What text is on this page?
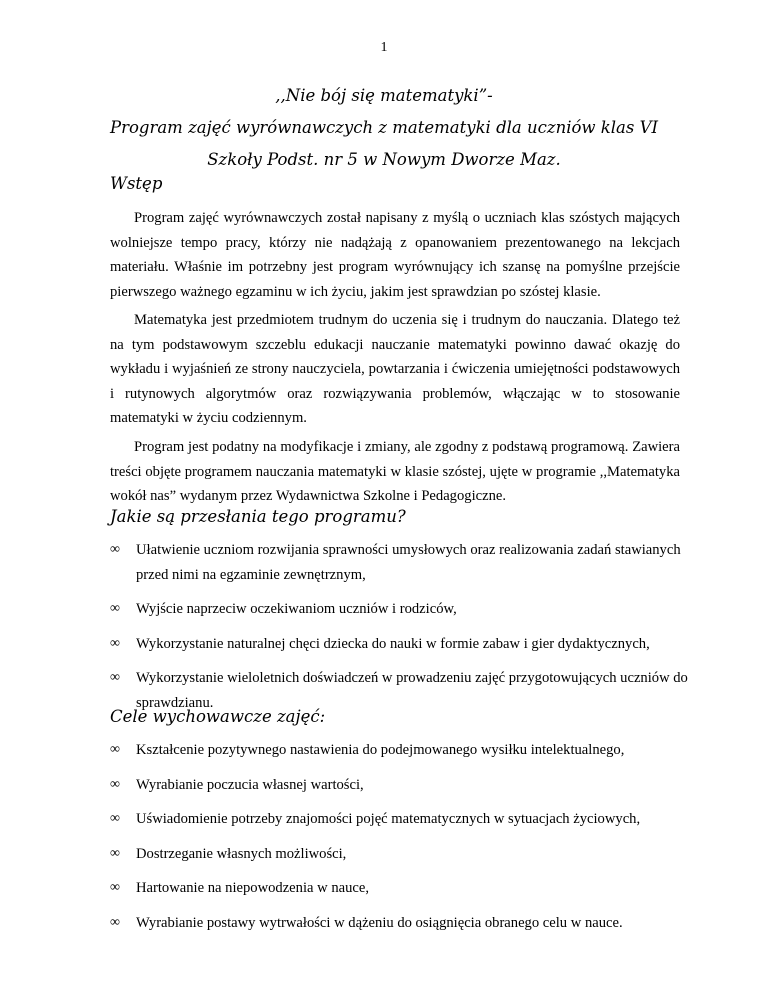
1
,,Nie bój się matematyki”-
Program zajęć wyrównawczych z matematyki dla uczniów klas VI
Szkoły Podst. nr 5 w Nowym Dworze Maz.
Wstęp
Program zajęć wyrównawczych został napisany z myślą o uczniach klas szóstych mających wolniejsze tempo pracy, którzy nie nadążają z opanowaniem prezentowanego na lekcjach materiału. Właśnie im potrzebny jest program wyrównujący ich szansę na pomyślne przejście pierwszego ważnego egzaminu w ich życiu, jakim jest sprawdzian po szóstej klasie.
Matematyka jest przedmiotem trudnym do uczenia się i trudnym do nauczania. Dlatego też na tym podstawowym szczeblu edukacji nauczanie matematyki powinno dawać okazję do wykładu i wyjaśnień ze strony nauczyciela, powtarzania i ćwiczenia umiejętności podstawowych i rutynowych algorytmów oraz rozwiązywania problemów, włączając w to stosowanie matematyki w życiu codziennym.
Program jest podatny na modyfikacje i zmiany, ale zgodny z podstawą programową. Zawiera treści objęte programem nauczania matematyki w klasie szóstej, ujęte w programie ,,Matematyka wokół nas” wydanym przez Wydawnictwa Szkolne i Pedagogiczne.
Jakie są przesłania tego programu?
∞ Ułatwienie uczniom rozwijania sprawności umysłowych oraz realizowania zadań stawianych przed nimi na egzaminie zewnętrznym,
∞ Wyjście naprzeciw oczekiwaniom uczniów i rodziców,
∞ Wykorzystanie naturalnej chęci dziecka do nauki w formie zabaw i gier dydaktycznych,
∞ Wykorzystanie wieloletnich doświadczeń w prowadzeniu zajęć przygotowujących uczniów do sprawdzianu.
Cele wychowawcze zajęć:
∞ Kształcenie pozytywnego nastawienia do podejmowanego wysiłku intelektualnego,
∞ Wyrabianie poczucia własnej wartości,
∞ Uświadomienie potrzeby znajomości pojęć matematycznych w sytuacjach życiowych,
∞ Dostrzeganie własnych możliwości,
∞ Hartowanie na niepowodzenia w nauce,
∞ Wyrabianie postawy wytrwałości w dążeniu do osiągnięcia obranego celu w nauce.
